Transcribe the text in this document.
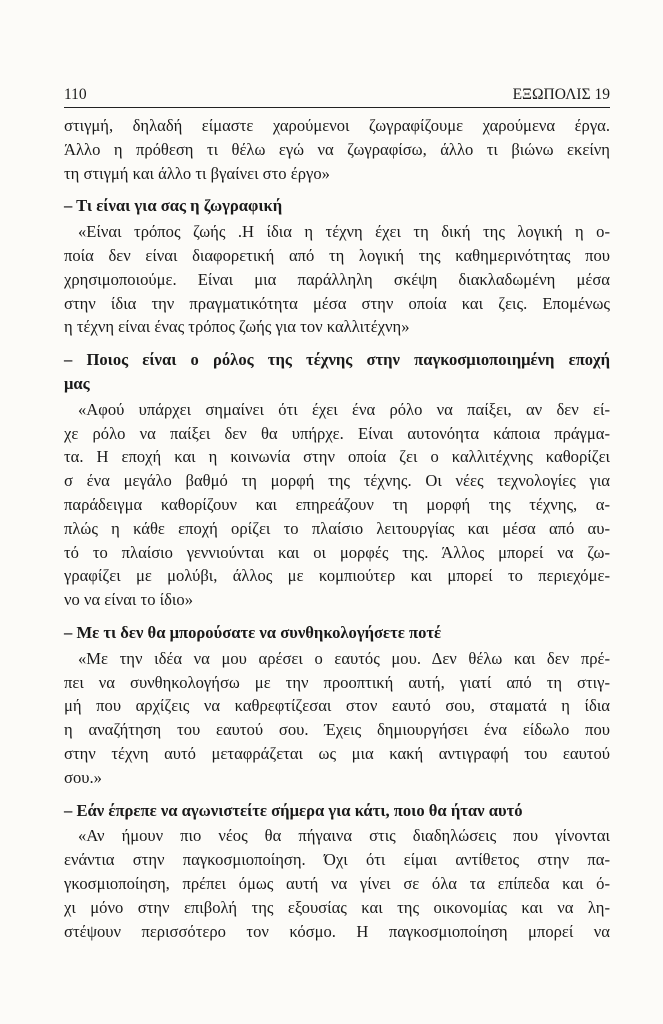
110	ΕΞΩΠΟΛΙΣ 19
στιγμή, δηλαδή είμαστε χαρούμενοι ζωγραφίζουμε χαρούμενα έργα.
Άλλο η πρόθεση τι θέλω εγώ να ζωγραφίσω, άλλο τι βιώνω εκείνη
τη στιγμή και άλλο τι βγαίνει στο έργο»
– Τι είναι για σας η ζωγραφική
«Είναι τρόπος ζωής .Η ίδια η τέχνη έχει τη δική της λογική η ο-
ποία δεν είναι διαφορετική από τη λογική της καθημερινότητας που
χρησιμοποιούμε. Είναι μια παράλληλη σκέψη διακλαδωμένη μέσα
στην ίδια την πραγματικότητα μέσα στην οποία και ζεις. Επομένως
η τέχνη είναι ένας τρόπος ζωής για τον καλλιτέχνη»
– Ποιος είναι ο ρόλος της τέχνης στην παγκοσμιοποιημένη εποχή
μας
«Αφού υπάρχει σημαίνει ότι έχει ένα ρόλο να παίξει, αν δεν εί-
χε ρόλο να παίξει δεν θα υπήρχε. Είναι αυτονόητα κάποια πράγμα-
τα. Η εποχή και η κοινωνία στην οποία ζει ο καλλιτέχνης καθορίζει
σ ένα μεγάλο βαθμό τη μορφή της τέχνης. Οι νέες τεχνολογίες για
παράδειγμα καθορίζουν και επηρεάζουν τη μορφή της τέχνης, α-
πλώς η κάθε εποχή ορίζει το πλαίσιο λειτουργίας και μέσα από αυ-
τό το πλαίσιο γεννιούνται και οι μορφές της. Άλλος μπορεί να ζω-
γραφίζει με μολύβι, άλλος με κομπιούτερ και μπορεί το περιεχόμε-
νο να είναι το ίδιο»
– Με τι δεν θα μπορούσατε να συνθηκολογήσετε ποτέ
«Με την ιδέα να μου αρέσει ο εαυτός μου. Δεν θέλω και δεν πρέ-
πει να συνθηκολογήσω με την προοπτική αυτή, γιατί από τη στιγ-
μή που αρχίζεις να καθρεφτίζεσαι στον εαυτό σου, σταματά η ίδια
η αναζήτηση του εαυτού σου. Έχεις δημιουργήσει ένα είδωλο που
στην τέχνη αυτό μεταφράζεται ως μια κακή αντιγραφή του εαυτού
σου.»
– Εάν έπρεπε να αγωνιστείτε σήμερα για κάτι, ποιο θα ήταν αυτό
«Αν ήμουν πιο νέος θα πήγαινα στις διαδηλώσεις που γίνονται
ενάντια στην παγκοσμιοποίηση. Όχι ότι είμαι αντίθετος στην πα-
γκοσμιοποίηση, πρέπει όμως αυτή να γίνει σε όλα τα επίπεδα και ό-
χι μόνο στην επιβολή της εξουσίας και της οικονομίας και να λη-
στέψουν περισσότερο τον κόσμο. Η παγκοσμιοποίηση μπορεί να
